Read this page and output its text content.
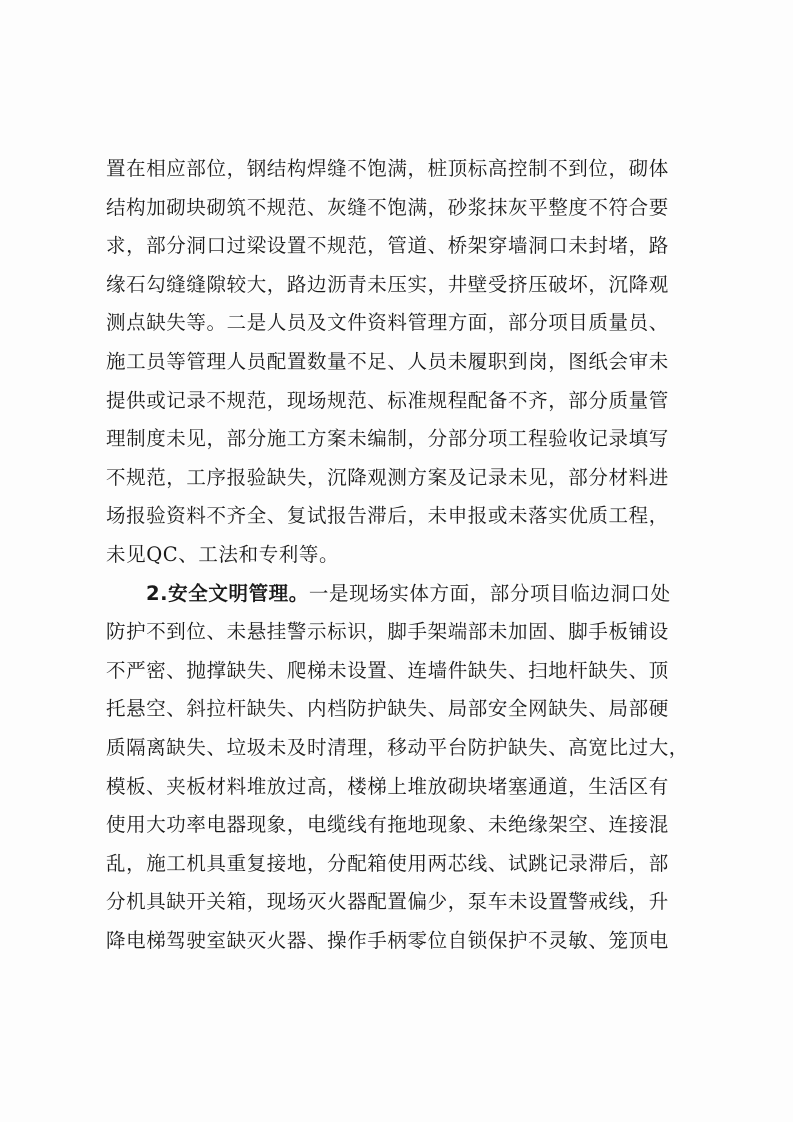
置在相应部位，钢结构焊缝不饱满，桩顶标高控制不到位，砌体
结构加砌块砌筑不规范、灰缝不饱满，砂浆抹灰平整度不符合要
求，部分洞口过梁设置不规范，管道、桥架穿墙洞口未封堵，路
缘石勾缝缝隙较大，路边沥青未压实，井壁受挤压破坏，沉降观
测点缺失等。二是人员及文件资料管理方面，部分项目质量员、
施工员等管理人员配置数量不足、人员未履职到岗，图纸会审未
提供或记录不规范，现场规范、标准规程配备不齐，部分质量管
理制度未见，部分施工方案未编制，分部分项工程验收记录填写
不规范，工序报验缺失，沉降观测方案及记录未见，部分材料进
场报验资料不齐全、复试报告滞后，未申报或未落实优质工程，
未见QC、工法和专利等。
2.安全文明管理。一是现场实体方面，部分项目临边洞口处
防护不到位、未悬挂警示标识，脚手架端部未加固、脚手板铺设
不严密、抛撑缺失、爬梯未设置、连墙件缺失、扫地杆缺失、顶
托悬空、斜拉杆缺失、内档防护缺失、局部安全网缺失、局部硬
质隔离缺失、垃圾未及时清理，移动平台防护缺失、高宽比过大，
模板、夹板材料堆放过高，楼梯上堆放砌块堵塞通道，生活区有
使用大功率电器现象，电缆线有拖地现象、未绝缘架空、连接混
乱，施工机具重复接地，分配箱使用两芯线、试跳记录滞后，部
分机具缺开关箱，现场灭火器配置偏少，泵车未设置警戒线，升
降电梯驾驶室缺灭火器、操作手柄零位自锁保护不灵敏、笼顶电
